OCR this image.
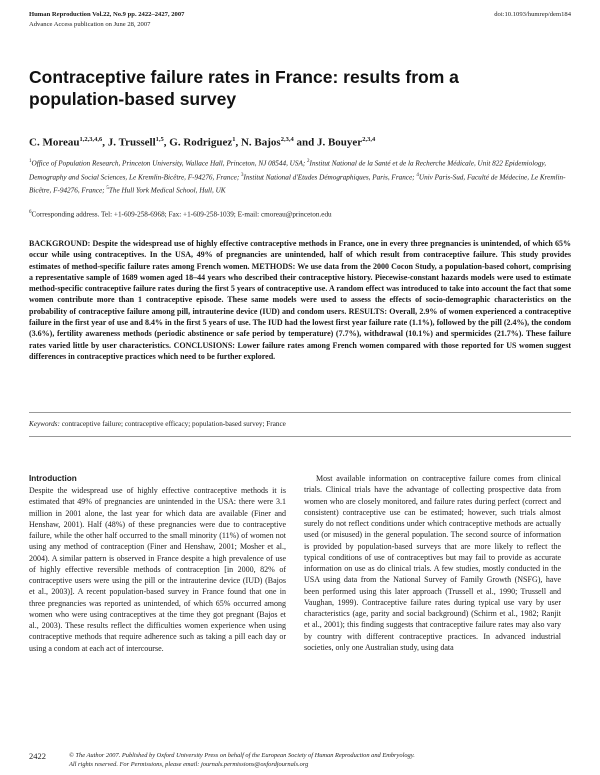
Human Reproduction Vol.22, No.9 pp. 2422–2427, 2007
Advance Access publication on June 28, 2007
doi:10.1093/humrep/dem184
Contraceptive failure rates in France: results from a population-based survey
C. Moreau$^{1,2,3,4,6}$, J. Trussell$^{1,5}$, G. Rodriguez$^1$, N. Bajos$^{2,3,4}$ and J. Bouyer$^{2,3,4}$
$^1$Office of Population Research, Princeton University, Wallace Hall, Princeton, NJ 08544, USA; $^2$Institut National de la Santé et de la Recherche Médicale, Unit 822 Epidemiology, Demography and Social Sciences, Le Kremlin-Bicêtre, F-94276, France; $^3$Institut National d'Etudes Démographiques, Paris, France; $^4$Univ Paris-Sud, Faculté de Médecine, Le Kremlin-Bicêtre, F-94276, France; $^5$The Hull York Medical School, Hull, UK
$^6$Corresponding address. Tel: +1-609-258-6968; Fax: +1-609-258-1039; E-mail: cmoreau@princeton.edu

BACKGROUND: Despite the widespread use of highly effective contraceptive methods in France, one in every three pregnancies is unintended, of which 65% occur while using contraceptives. In the USA, 49% of pregnancies are unintended, half of which result from contraceptive failure. This study provides estimates of method-specific failure rates among French women. METHODS: We use data from the 2000 Cocon Study, a population-based cohort, comprising a representative sample of 1689 women aged 18–44 years who described their contraceptive history. Piecewise-constant hazards models were used to estimate method-specific contraceptive failure rates during the first 5 years of contraceptive use. A random effect was introduced to take into account the fact that some women contribute more than 1 contraceptive episode. These same models were used to assess the effects of socio-demographic characteristics on the probability of contraceptive failure among pill, intrauterine device (IUD) and condom users. RESULTS: Overall, 2.9% of women experienced a contraceptive failure in the first year of use and 8.4% in the first 5 years of use. The IUD had the lowest first year failure rate (1.1%), followed by the pill (2.4%), the condom (3.6%), fertility awareness methods (periodic abstinence or safe period by temperature) (7.7%), withdrawal (10.1%) and spermicides (21.7%). These failure rates varied little by user characteristics. CONCLUSIONS: Lower failure rates among French women compared with those reported for US women suggest differences in contraceptive practices which need to be further explored.

Keywords: contraceptive failure; contraceptive efficacy; population-based survey; France
Introduction

Despite the widespread use of highly effective contraceptive methods it is estimated that 49% of pregnancies are unintended in the USA: there were 3.1 million in 2001 alone, the last year for which data are available (Finer and Henshaw, 2001). Half (48%) of these pregnancies were due to contraceptive failure, while the other half occurred to the small minority (11%) of women not using any method of contraception (Finer and Henshaw, 2001; Mosher et al., 2004). A similar pattern is observed in France despite a high prevalence of use of highly effective reversible methods of contraception [in 2000, 82% of contraceptive users were using the pill or the intrauterine device (IUD) (Bajos et al., 2003)]. A recent population-based survey in France found that one in three pregnancies was reported as unintended, of which 65% occurred among women who were using contraceptives at the time they got pregnant (Bajos et al., 2003). These results reflect the difficulties women experience when using contraceptive methods that require adherence such as taking a pill each day or using a condom at each act of intercourse.

Most available information on contraceptive failure comes from clinical trials. Clinical trials have the advantage of collecting prospective data from women who are closely monitored, and failure rates during perfect (correct and consistent) contraceptive use can be estimated; however, such trials almost surely do not reflect conditions under which contraceptive methods are actually used (or misused) in the general population. The second source of information is provided by population-based surveys that are more likely to reflect the typical conditions of use of contraceptives but may fail to provide as accurate information on use as do clinical trials. A few studies, mostly conducted in the USA using data from the National Survey of Family Growth (NSFG), have been performed using this later approach (Trussell et al., 1990; Trussell and Vaughan, 1999). Contraceptive failure rates during typical use vary by user characteristics (age, parity and social background) (Schirm et al., 1982; Ranjit et al., 2001); this finding suggests that contraceptive failure rates may also vary by country with different contraceptive practices. In advanced industrial societies, only one Australian study, using data

2422	© The Author 2007. Published by Oxford University Press on behalf of the European Society of Human Reproduction and Embryology.
All rights reserved. For Permissions, please email: journals.permissions@oxfordjournals.org
